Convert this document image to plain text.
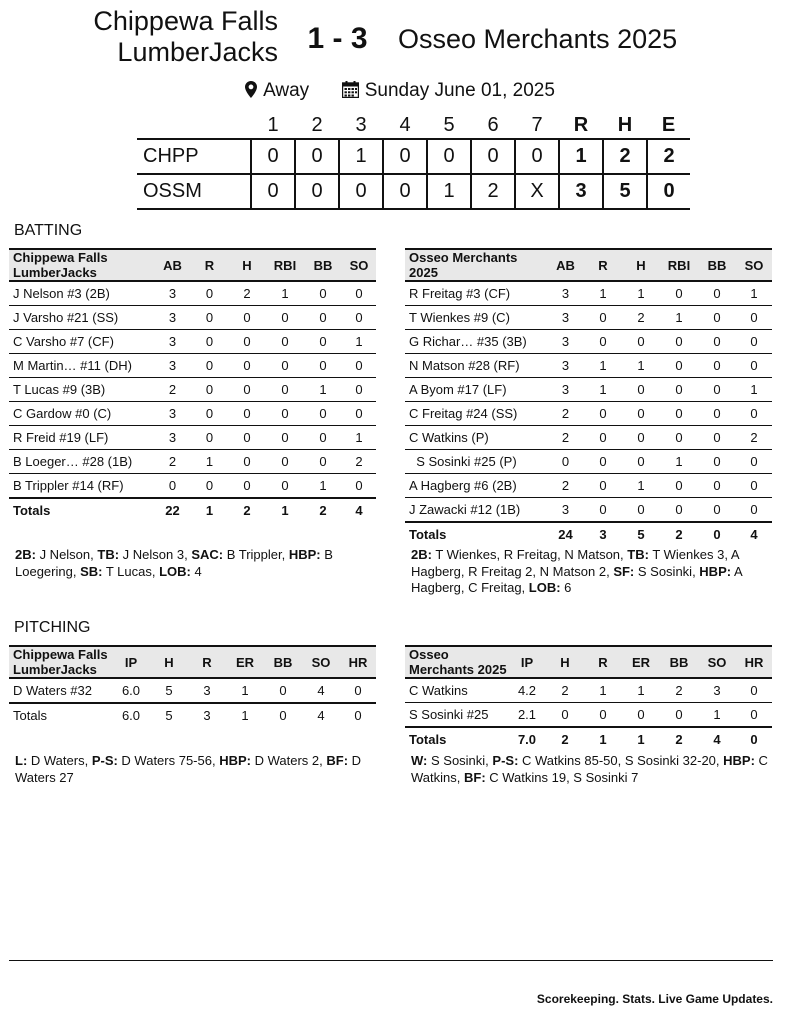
Chippewa Falls
LumberJacks 1 - 3	Osseo Merchants 2025
Away	Sunday June 01, 2025
	1	2	3	4	5	6	7	R	H	E
CHPP	0	0	1	0	0	0	0	1	2	2
OSSM	0	0	0	0	1	2	X	3	5	0
BATTING
Chippewa Falls LumberJacks	AB	R	H	RBI	BB	SO
J Nelson #3 (2B)	3	0	2	1	0	0
J Varsho #21 (SS)	3	0	0	0	0	0
C Varsho #7 (CF)	3	0	0	0	0	1
M Martin… #11 (DH)	3	0	0	0	0	0
T Lucas #9 (3B)	2	0	0	0	1	0
C Gardow #0 (C)	3	0	0	0	0	0
R Freid #19 (LF)	3	0	0	0	0	1
B Loeger… #28 (1B)	2	1	0	0	0	2
B Trippler #14 (RF)	0	0	0	0	1	0
Totals	22	1	2	1	2	4
Osseo Merchants 2025	AB	R	H	RBI	BB	SO
R Freitag #3 (CF)	3	1	1	0	0	1
T Wienkes #9 (C)	3	0	2	1	0	0
G Richar… #35 (3B)	3	0	0	0	0	0
N Matson #28 (RF)	3	1	1	0	0	0
A Byom #17 (LF)	3	1	0	0	0	1
C Freitag #24 (SS)	2	0	0	0	0	0
C Watkins (P)	2	0	0	0	0	2
S Sosinki #25 (P)	0	0	0	1	0	0
A Hagberg #6 (2B)	2	0	1	0	0	0
J Zawacki #12 (1B)	3	0	0	0	0	0
Totals	24	3	5	2	0	4
2B: J Nelson, TB: J Nelson 3, SAC: B Trippler, HBP: B Loegering, SB: T Lucas, LOB: 4
2B: T Wienkes, R Freitag, N Matson, TB: T Wienkes 3, A Hagberg, R Freitag 2, N Matson 2, SF: S Sosinki, HBP: A Hagberg, C Freitag, LOB: 6
PITCHING
Chippewa Falls LumberJacks	IP	H	R	ER	BB	SO	HR
D Waters #32	6.0	5	3	1	0	4	0
Totals	6.0	5	3	1	0	4	0
Osseo Merchants 2025	IP	H	R	ER	BB	SO	HR
C Watkins	4.2	2	1	1	2	3	0
S Sosinki #25	2.1	0	0	0	0	1	0
Totals	7.0	2	1	1	2	4	0
L: D Waters, P-S: D Waters 75-56, HBP: D Waters 2, BF: D Waters 27
W: S Sosinki, P-S: C Watkins 85-50, S Sosinki 32-20, HBP: C Watkins, BF: C Watkins 19, S Sosinki 7
Scorekeeping. Stats. Live Game Updates.
